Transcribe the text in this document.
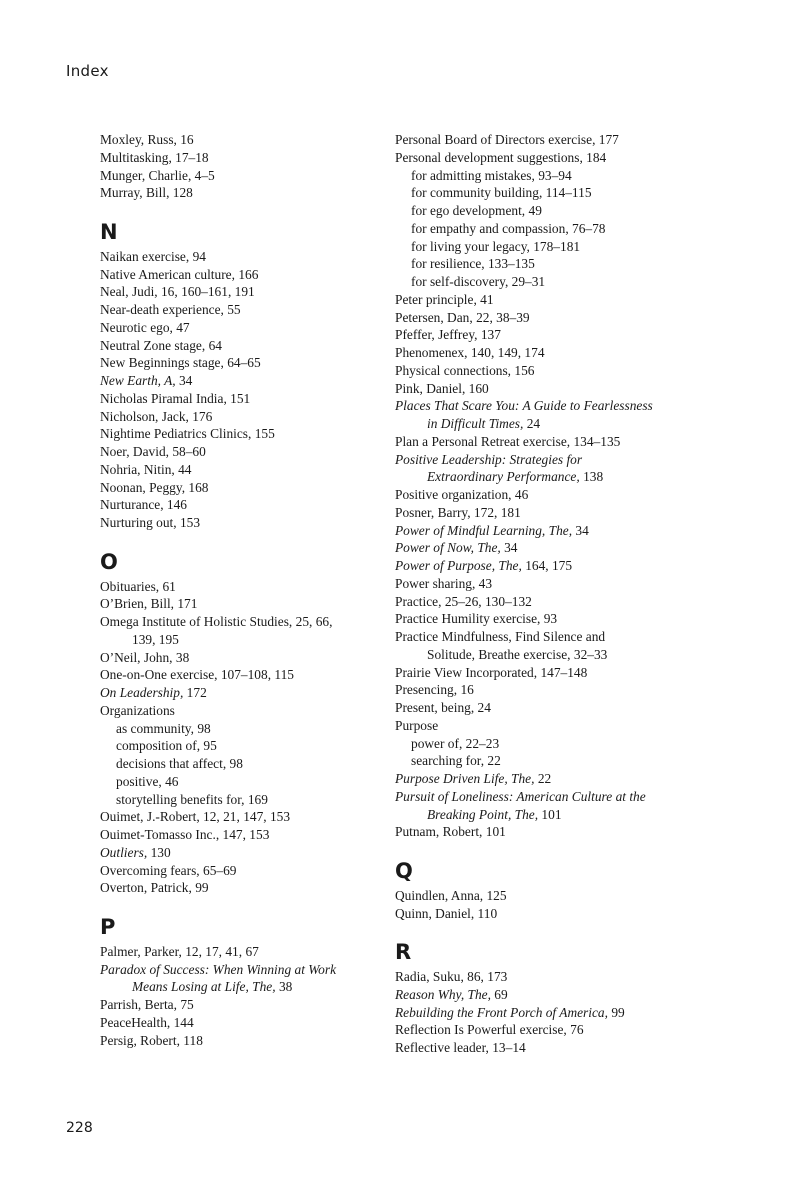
Index
Moxley, Russ, 16
Multitasking, 17–18
Munger, Charlie, 4–5
Murray, Bill, 128
N
Naikan exercise, 94
Native American culture, 166
Neal, Judi, 16, 160–161, 191
Near-death experience, 55
Neurotic ego, 47
Neutral Zone stage, 64
New Beginnings stage, 64–65
New Earth, A, 34
Nicholas Piramal India, 151
Nicholson, Jack, 176
Nightime Pediatrics Clinics, 155
Noer, David, 58–60
Nohria, Nitin, 44
Noonan, Peggy, 168
Nurturance, 146
Nurturing out, 153
O
Obituaries, 61
O’Brien, Bill, 171
Omega Institute of Holistic Studies, 25, 66,
139, 195
O’Neil, John, 38
One-on-One exercise, 107–108, 115
On Leadership, 172
Organizations
as community, 98
composition of, 95
decisions that affect, 98
positive, 46
storytelling benefits for, 169
Ouimet, J.-Robert, 12, 21, 147, 153
Ouimet-Tomasso Inc., 147, 153
Outliers, 130
Overcoming fears, 65–69
Overton, Patrick, 99
P
Palmer, Parker, 12, 17, 41, 67
Paradox of Success: When Winning at Work
Means Losing at Life, The, 38
Parrish, Berta, 75
PeaceHealth, 144
Persig, Robert, 118
Personal Board of Directors exercise, 177
Personal development suggestions, 184
for admitting mistakes, 93–94
for community building, 114–115
for ego development, 49
for empathy and compassion, 76–78
for living your legacy, 178–181
for resilience, 133–135
for self-discovery, 29–31
Peter principle, 41
Petersen, Dan, 22, 38–39
Pfeffer, Jeffrey, 137
Phenomenex, 140, 149, 174
Physical connections, 156
Pink, Daniel, 160
Places That Scare You: A Guide to Fearlessness
in Difficult Times, 24
Plan a Personal Retreat exercise, 134–135
Positive Leadership: Strategies for
Extraordinary Performance, 138
Positive organization, 46
Posner, Barry, 172, 181
Power of Mindful Learning, The, 34
Power of Now, The, 34
Power of Purpose, The, 164, 175
Power sharing, 43
Practice, 25–26, 130–132
Practice Humility exercise, 93
Practice Mindfulness, Find Silence and
Solitude, Breathe exercise, 32–33
Prairie View Incorporated, 147–148
Presencing, 16
Present, being, 24
Purpose
power of, 22–23
searching for, 22
Purpose Driven Life, The, 22
Pursuit of Loneliness: American Culture at the
Breaking Point, The, 101
Putnam, Robert, 101
Q
Quindlen, Anna, 125
Quinn, Daniel, 110
R
Radia, Suku, 86, 173
Reason Why, The, 69
Rebuilding the Front Porch of America, 99
Reflection Is Powerful exercise, 76
Reflective leader, 13–14
228
